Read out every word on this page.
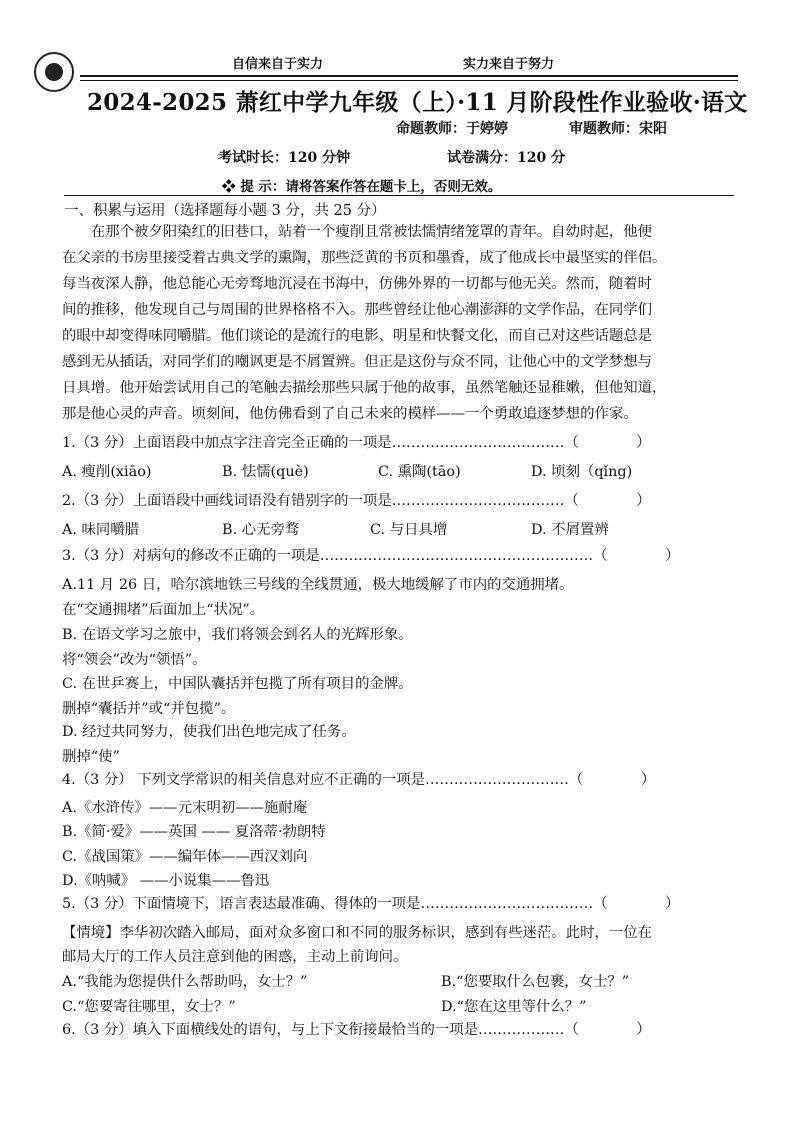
自信来自于实力	实力来自于努力
2024-2025 萧红中学九年级（上）·11 月阶段性作业验收·语文
命题教师：于婷婷	审题教师：宋阳
考试时长：120 分钟	试卷满分：120 分
❖ 提 示：请将答案作答在题卡上，否则无效。
一、积累与运用（选择题每小题 3 分，共 25 分）
　　在那个被夕阳染红的旧巷口，站着一个瘦削且常被怯懦情绪笼罩的青年。自幼时起，他便
在父亲的书房里接受着古典文学的熏陶，那些泛黄的书页和墨香，成了他成长中最坚实的伴侣。
每当夜深人静，他总能心无旁骛地沉浸在书海中，仿佛外界的一切都与他无关。然而，随着时
间的推移，他发现自己与周围的世界格格不入。那些曾经让他心潮澎湃的文学作品，在同学们
的眼中却变得味同嚼腊。他们谈论的是流行的电影、明星和快餐文化，而自己对这些话题总是
感到无从插话，对同学们的嘲讽更是不屑置辨。但正是这份与众不同，让他心中的文学梦想与
日具增。他开始尝试用自己的笔触去描绘那些只属于他的故事，虽然笔触还显稚嫩，但他知道，
那是他心灵的声音。顷刻间，他仿佛看到了自己未来的模样——一个勇敢追逐梦想的作家。
1.（3 分）上面语段中加点字注音完全正确的一项是………………………………（　　　　）
A. 瘦削(xiāo)	B. 怯懦(què)	C. 熏陶(tāo)	D. 顷刻（qǐng)
2.（3 分）上面语段中画线词语没有错别字的一项是………………………………（　　　　）
A. 味同嚼腊	B. 心无旁骛	C. 与日具增	D. 不屑置辨
3.（3 分）对病句的修改不正确的一项是…………………………………………………（　　　　）
A.11 月 26 日，哈尔滨地铁三号线的全线贯通，极大地缓解了市内的交通拥堵。
在“交通拥堵”后面加上“状况”。
B. 在语文学习之旅中，我们将领会到名人的光辉形象。
将“领会”改为“领悟”。
C. 在世乒赛上，中国队囊括并包揽了所有项目的金牌。
删掉“囊括并”或“并包揽”。
D. 经过共同努力，使我们出色地完成了任务。
删掉“使”
4.（3 分） 下列文学常识的相关信息对应不正确的一项是…………………………（　　　　）
A.《水浒传》——元末明初——施耐庵
B.《简·爱》——英国 —— 夏洛蒂·勃朗特
C.《战国策》——编年体——西汉刘向
D.《呐喊》 ——小说集——鲁迅
5.（3 分）下面情境下，语言表达最准确、得体的一项是………………………………（　　　　）
【情境】李华初次踏入邮局，面对众多窗口和不同的服务标识，感到有些迷茫。此时，一位在
邮局大厅的工作人员注意到他的困惑，主动上前询问。
A.“我能为您提供什么帮助吗，女士？”	B.“您要取什么包裹，女士？”
C.“您要寄往哪里，女士？”	D.“您在这里等什么？”
6.（3 分）填入下面横线处的语句，与上下文衔接最恰当的一项是………………（　　　　）
